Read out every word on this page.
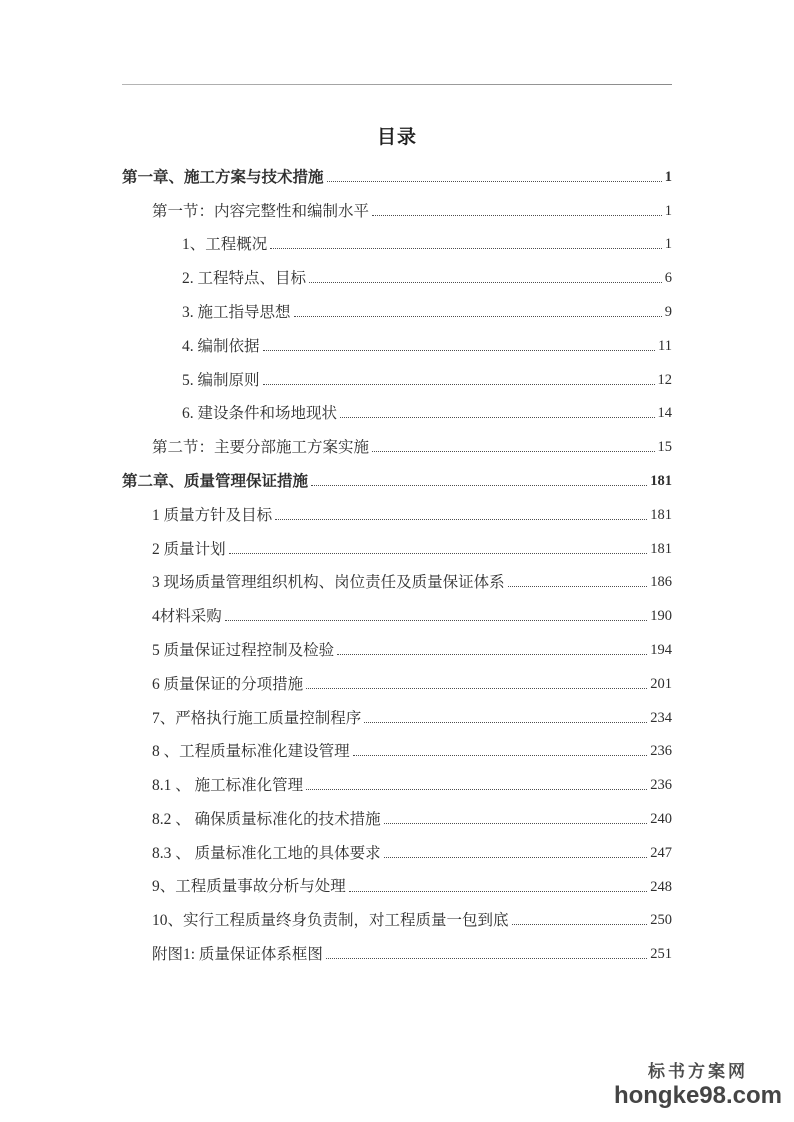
目录
第一章、施工方案与技术措施	1
第一节：内容完整性和编制水平	1
1、工程概况	1
2. 工程特点、目标	6
3. 施工指导思想	9
4. 编制依据	11
5. 编制原则	12
6. 建设条件和场地现状	14
第二节：主要分部施工方案实施	15
第二章、质量管理保证措施	181
1 质量方针及目标	181
2 质量计划	181
3 现场质量管理组织机构、岗位责任及质量保证体系	186
4材料采购	190
5 质量保证过程控制及检验	194
6 质量保证的分项措施	201
7、严格执行施工质量控制程序	234
8 、工程质量标准化建设管理	236
8.1 、 施工标准化管理	236
8.2 、 确保质量标准化的技术措施	240
8.3 、 质量标准化工地的具体要求	247
9、工程质量事故分析与处理	248
10、实行工程质量终身负责制，对工程质量一包到底	250
附图1: 质量保证体系框图	251
标书方案网
hongke98.com
